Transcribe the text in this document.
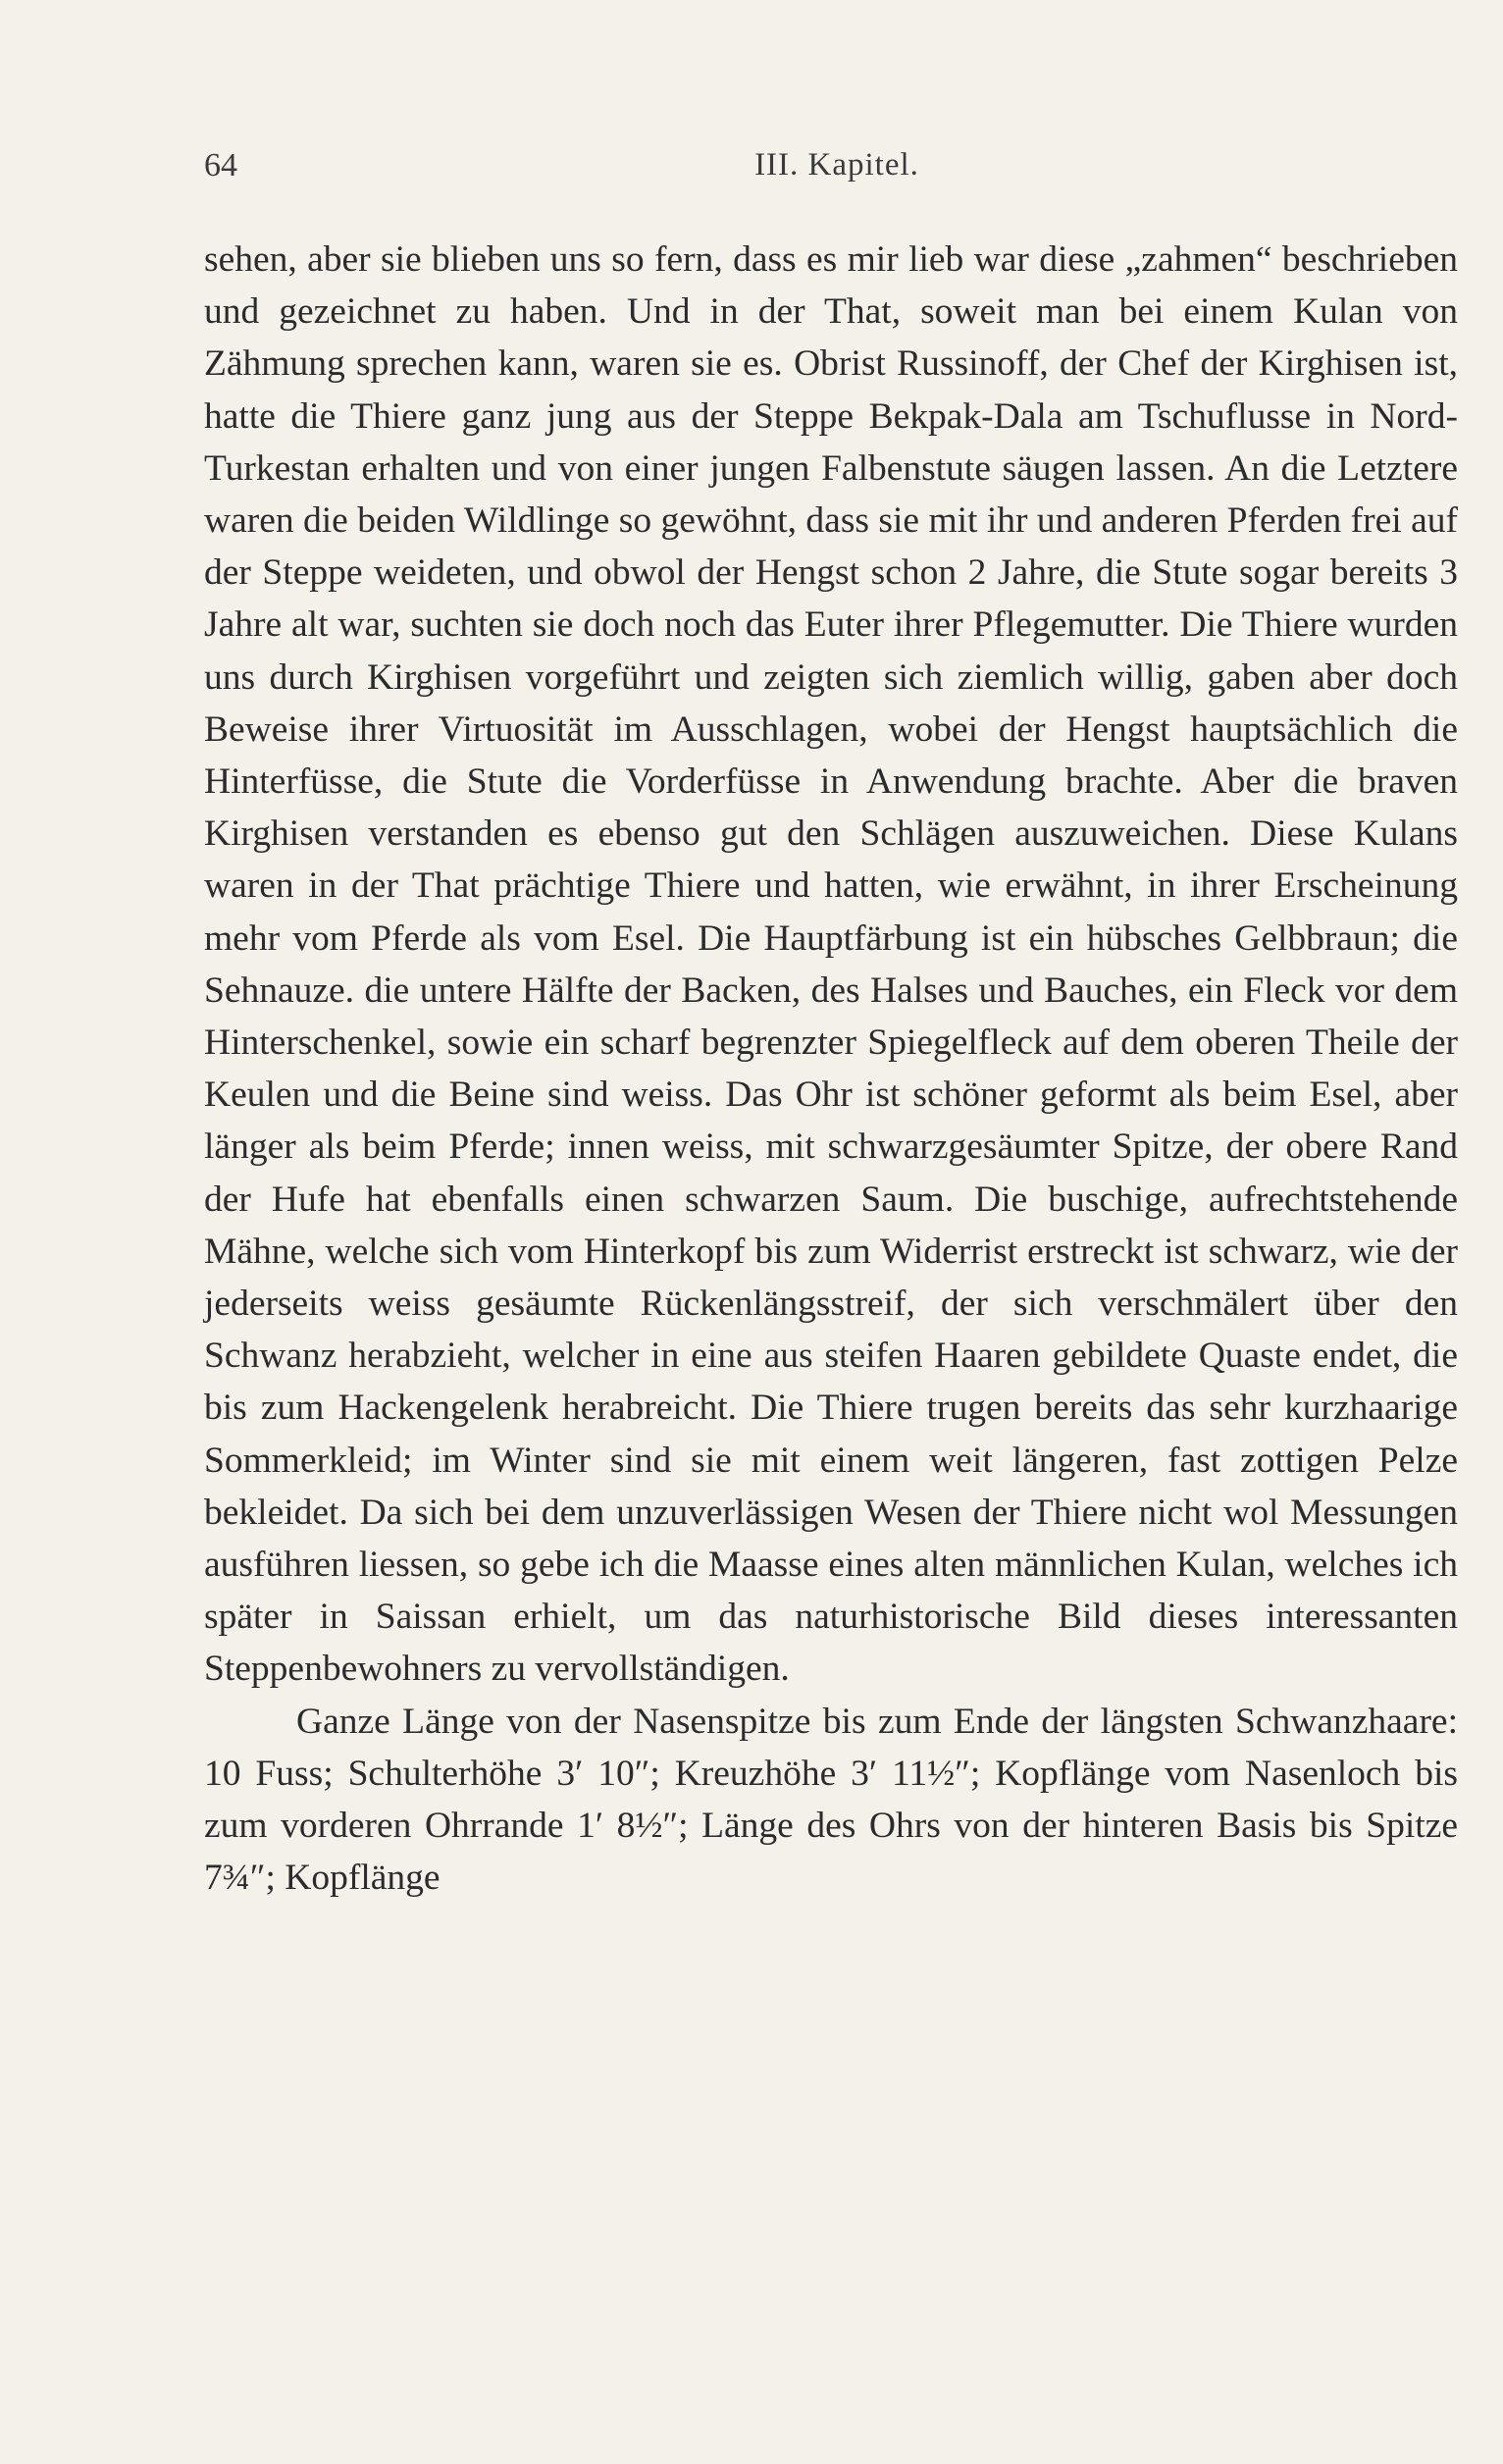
64	III. Kapitel.

sehen, aber sie blieben uns so fern, dass es mir lieb war diese „zahmen“ beschrieben und gezeichnet zu haben. Und in der That, soweit man bei einem Kulan von Zähmung sprechen kann, waren sie es. Obrist Russinoff, der Chef der Kirghisen ist, hatte die Thiere ganz jung aus der Steppe Bekpak-Dala am Tschuflusse in Nord-Turkestan erhalten und von einer jungen Falbenstute säugen lassen. An die Letztere waren die beiden Wildlinge so gewöhnt, dass sie mit ihr und anderen Pferden frei auf der Steppe weideten, und obwol der Hengst schon 2 Jahre, die Stute sogar bereits 3 Jahre alt war, suchten sie doch noch das Euter ihrer Pflegemutter. Die Thiere wurden uns durch Kirghisen vorgeführt und zeigten sich ziemlich willig, gaben aber doch Beweise ihrer Virtuosität im Ausschlagen, wobei der Hengst hauptsächlich die Hinterfüsse, die Stute die Vorderfüsse in Anwendung brachte. Aber die braven Kirghisen verstanden es ebenso gut den Schlägen auszuweichen. Diese Kulans waren in der That prächtige Thiere und hatten, wie erwähnt, in ihrer Erscheinung mehr vom Pferde als vom Esel. Die Hauptfärbung ist ein hübsches Gelbbraun; die Sehnauze. die untere Hälfte der Backen, des Halses und Bauches, ein Fleck vor dem Hinterschenkel, sowie ein scharf begrenzter Spiegelfleck auf dem oberen Theile der Keulen und die Beine sind weiss. Das Ohr ist schöner geformt als beim Esel, aber länger als beim Pferde; innen weiss, mit schwarzgesäumter Spitze, der obere Rand der Hufe hat ebenfalls einen schwarzen Saum. Die buschige, aufrechtstehende Mähne, welche sich vom Hinterkopf bis zum Widerrist erstreckt ist schwarz, wie der jederseits weiss gesäumte Rückenlängsstreif, der sich verschmälert über den Schwanz herabzieht, welcher in eine aus steifen Haaren gebildete Quaste endet, die bis zum Hackengelenk herabreicht. Die Thiere trugen bereits das sehr kurzhaarige Sommerkleid; im Winter sind sie mit einem weit längeren, fast zottigen Pelze bekleidet. Da sich bei dem unzuverlässigen Wesen der Thiere nicht wol Messungen ausführen liessen, so gebe ich die Maasse eines alten männlichen Kulan, welches ich später in Saissan erhielt, um das naturhistorische Bild dieses interessanten Steppenbewohners zu vervollständigen.

Ganze Länge von der Nasenspitze bis zum Ende der längsten Schwanzhaare: 10 Fuss; Schulterhöhe 3′ 10″; Kreuzhöhe 3′ 11½″; Kopflänge vom Nasenloch bis zum vorderen Ohrrande 1′ 8½″; Länge des Ohrs von der hinteren Basis bis Spitze 7¾″; Kopflänge
